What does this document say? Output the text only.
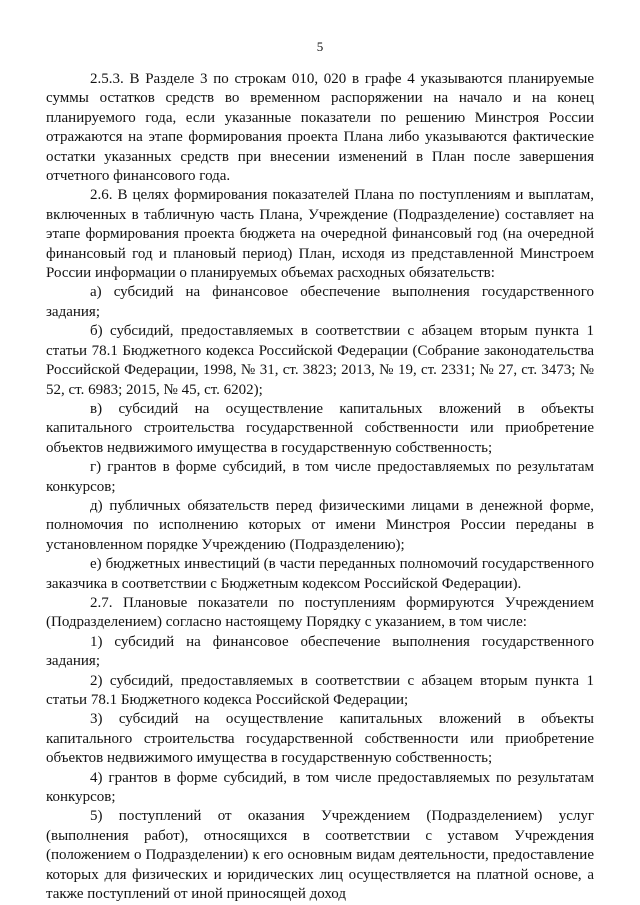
5

2.5.3. В Разделе 3 по строкам 010, 020 в графе 4 указываются планируемые суммы остатков средств во временном распоряжении на начало и на конец планируемого года, если указанные показатели по решению Минстроя России отражаются на этапе формирования проекта Плана либо указываются фактические остатки указанных средств при внесении изменений в План после завершения отчетного финансового года.

2.6. В целях формирования показателей Плана по поступлениям и выплатам, включенных в табличную часть Плана, Учреждение (Подразделение) составляет на этапе формирования проекта бюджета на очередной финансовый год (на очередной финансовый год и плановый период) План, исходя из представленной Минстроем России информации о планируемых объемах расходных обязательств:

а) субсидий на финансовое обеспечение выполнения государственного задания;

б) субсидий, предоставляемых в соответствии с абзацем вторым пункта 1 статьи 78.1 Бюджетного кодекса Российской Федерации (Собрание законодательства Российской Федерации, 1998, № 31, ст. 3823; 2013, № 19, ст. 2331; № 27, ст. 3473; № 52, ст. 6983; 2015, № 45, ст. 6202);

в) субсидий на осуществление капитальных вложений в объекты капитального строительства государственной собственности или приобретение объектов недвижимого имущества в государственную собственность;

г) грантов в форме субсидий, в том числе предоставляемых по результатам конкурсов;

д) публичных обязательств перед физическими лицами в денежной форме, полномочия по исполнению которых от имени Минстроя России переданы в установленном порядке Учреждению (Подразделению);

е) бюджетных инвестиций (в части переданных полномочий государственного заказчика в соответствии с Бюджетным кодексом Российской Федерации).

2.7. Плановые показатели по поступлениям формируются Учреждением (Подразделением) согласно настоящему Порядку с указанием, в том числе:

1) субсидий на финансовое обеспечение выполнения государственного задания;

2) субсидий, предоставляемых в соответствии с абзацем вторым пункта 1 статьи 78.1 Бюджетного кодекса Российской Федерации;

3) субсидий на осуществление капитальных вложений в объекты капитального строительства государственной собственности или приобретение объектов недвижимого имущества в государственную собственность;

4) грантов в форме субсидий, в том числе предоставляемых по результатам конкурсов;

5) поступлений от оказания Учреждением (Подразделением) услуг (выполнения работ), относящихся в соответствии с уставом Учреждения (положением о Подразделении) к его основным видам деятельности, предоставление которых для физических и юридических лиц осуществляется на платной основе, а также поступлений от иной приносящей доход
